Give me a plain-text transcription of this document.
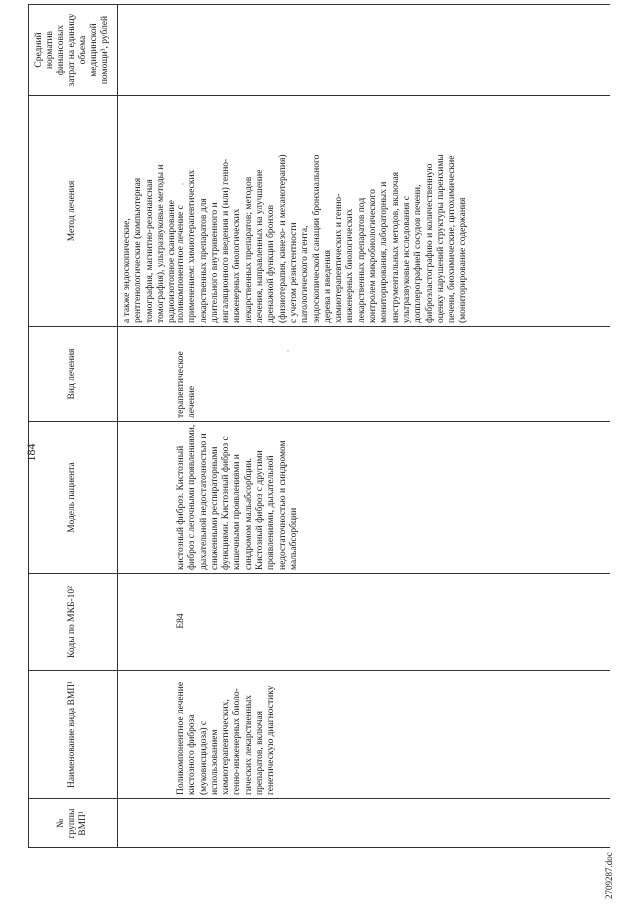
184
№
группы
ВМП¹
Наименование вида ВМП¹
Коды по МКБ-10²
Модель пациента
Вид лечения
Метод лечения
Средний
норматив
финансовых
затрат на единицу
объема
медицинской
помощи³, рублей
а также эндоскопические,
рентгенологические (компьютерная
томография, магнитно-резонансная
томография), ультразвуковые методы и
радиоизотопное сканирование
Поликомпонентное лечение
кистозного фиброза
(муковисцидоза) с
использованием
химиотерапевтических,
генно-инженерных биоло-
гических лекарственных
препаратов, включая
генетическую диагностику
E84
кистозный фиброз. Кистозный
фиброз с легочными проявлениями,
дыхательной недостаточностью и
сниженными респираторными
функциями. Кистозный фиброз с
кишечными проявлениями и
синдромом мальабсорбции.
Кистозный фиброз с другими
проявлениями, дыхательной
недостаточностью и синдромом
мальабсорбции
терапевтическое
лечение
поликомпонентное лечение с
применением: химиотерапевтических
лекарственных препаратов для
длительного внутривенного и
ингаляционного введения и (или) генно-
инженерных биологических
лекарственных препаратов; методов
лечения, направленных на улучшение
дренажной функции бронхов
(физиотерапия, кинезо- и механотерапия)
с учетом резистентности
патологического агента,
эндоскопической санации бронхиального
дерева и введения
химиотерапевтических и генно-
инженерных биологических
лекарственных препаратов под
контролем микробиологического
мониторирования, лабораторных и
инструментальных методов, включая
ультразвуковые исследования с
допплерографией сосудов печени,
фиброэластографию и количественную
оценку нарушений структуры паренхимы
печени, биохимические, цитохимические
(мониторирование содержания
2709287.doc
